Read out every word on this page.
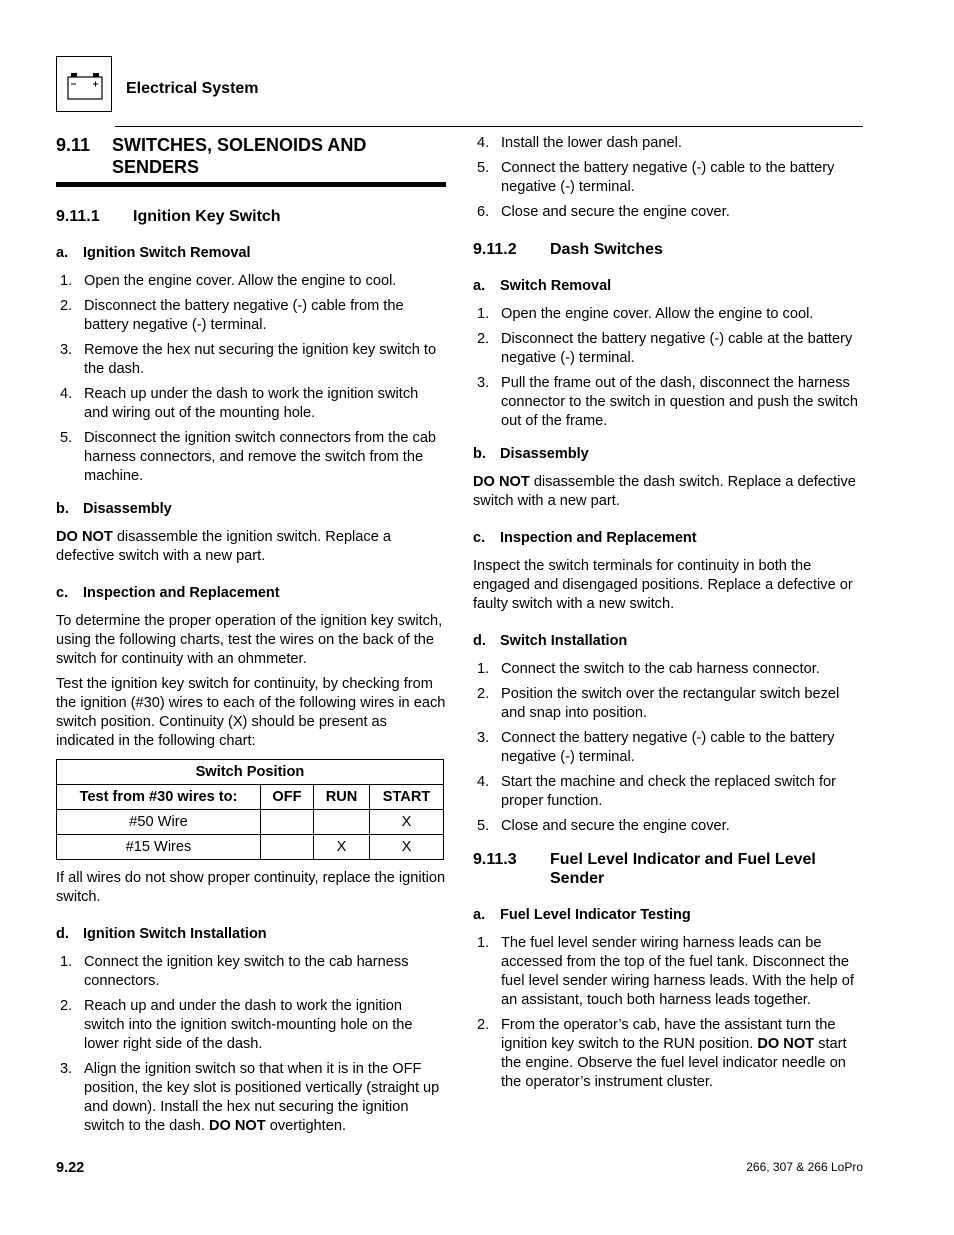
Electrical System
9.11	SWITCHES, SOLENOIDS AND SENDERS
9.11.1	Ignition Key Switch
a.	Ignition Switch Removal
1. Open the engine cover. Allow the engine to cool.
2. Disconnect the battery negative (-) cable from the battery negative (-) terminal.
3. Remove the hex nut securing the ignition key switch to the dash.
4. Reach up under the dash to work the ignition switch and wiring out of the mounting hole.
5. Disconnect the ignition switch connectors from the cab harness connectors, and remove the switch from the machine.
b. Disassembly

DO NOT disassemble the ignition switch. Replace a defective switch with a new part.

c.	Inspection and Replacement

To determine the proper operation of the ignition key switch, using the following charts, test the wires on the back of the switch for continuity with an ohmmeter.

Test the ignition key switch for continuity, by checking from the ignition (#30) wires to each of the following wires in each switch position. Continuity (X) should be present as indicated in the following chart:

Switch Position			
Test from #30 wires to:	OFF	RUN	START
#50 Wire			X
#15 Wires		X	X

If all wires do not show proper continuity, replace the ignition switch.

d. Ignition Switch Installation
1. Connect the ignition key switch to the cab harness connectors.
2. Reach up and under the dash to work the ignition switch into the ignition switch-mounting hole on the lower right side of the dash.
3. Align the ignition switch so that when it is in the OFF position, the key slot is positioned vertically (straight up and down). Install the hex nut securing the ignition switch to the dash. DO NOT overtighten.
4. Install the lower dash panel.
5. Connect the battery negative (-) cable to the battery negative (-) terminal.
6. Close and secure the engine cover.
9.11.2	Dash Switches
a.	Switch Removal
1. Open the engine cover. Allow the engine to cool.
2. Disconnect the battery negative (-) cable at the battery negative (-) terminal.
3. Pull the frame out of the dash, disconnect the harness connector to the switch in question and push the switch out of the frame.
b. Disassembly

DO NOT disassemble the dash switch. Replace a defective switch with a new part.

c.	Inspection and Replacement

Inspect the switch terminals for continuity in both the engaged and disengaged positions. Replace a defective or faulty switch with a new switch.

d. Switch Installation
1. Connect the switch to the cab harness connector.
2. Position the switch over the rectangular switch bezel and snap into position.
3. Connect the battery negative (-) cable to the battery negative (-) terminal.
4. Start the machine and check the replaced switch for proper function.
5. Close and secure the engine cover.
9.11.3	Fuel Level Indicator and Fuel Level Sender
a.	Fuel Level Indicator Testing
1. The fuel level sender wiring harness leads can be accessed from the top of the fuel tank. Disconnect the fuel level sender wiring harness leads. With the help of an assistant, touch both harness leads together.
2. From the operator’s cab, have the assistant turn the ignition key switch to the RUN position. DO NOT start the engine. Observe the fuel level indicator needle on the operator’s instrument cluster.
9.22	266, 307 & 266 LoPro
